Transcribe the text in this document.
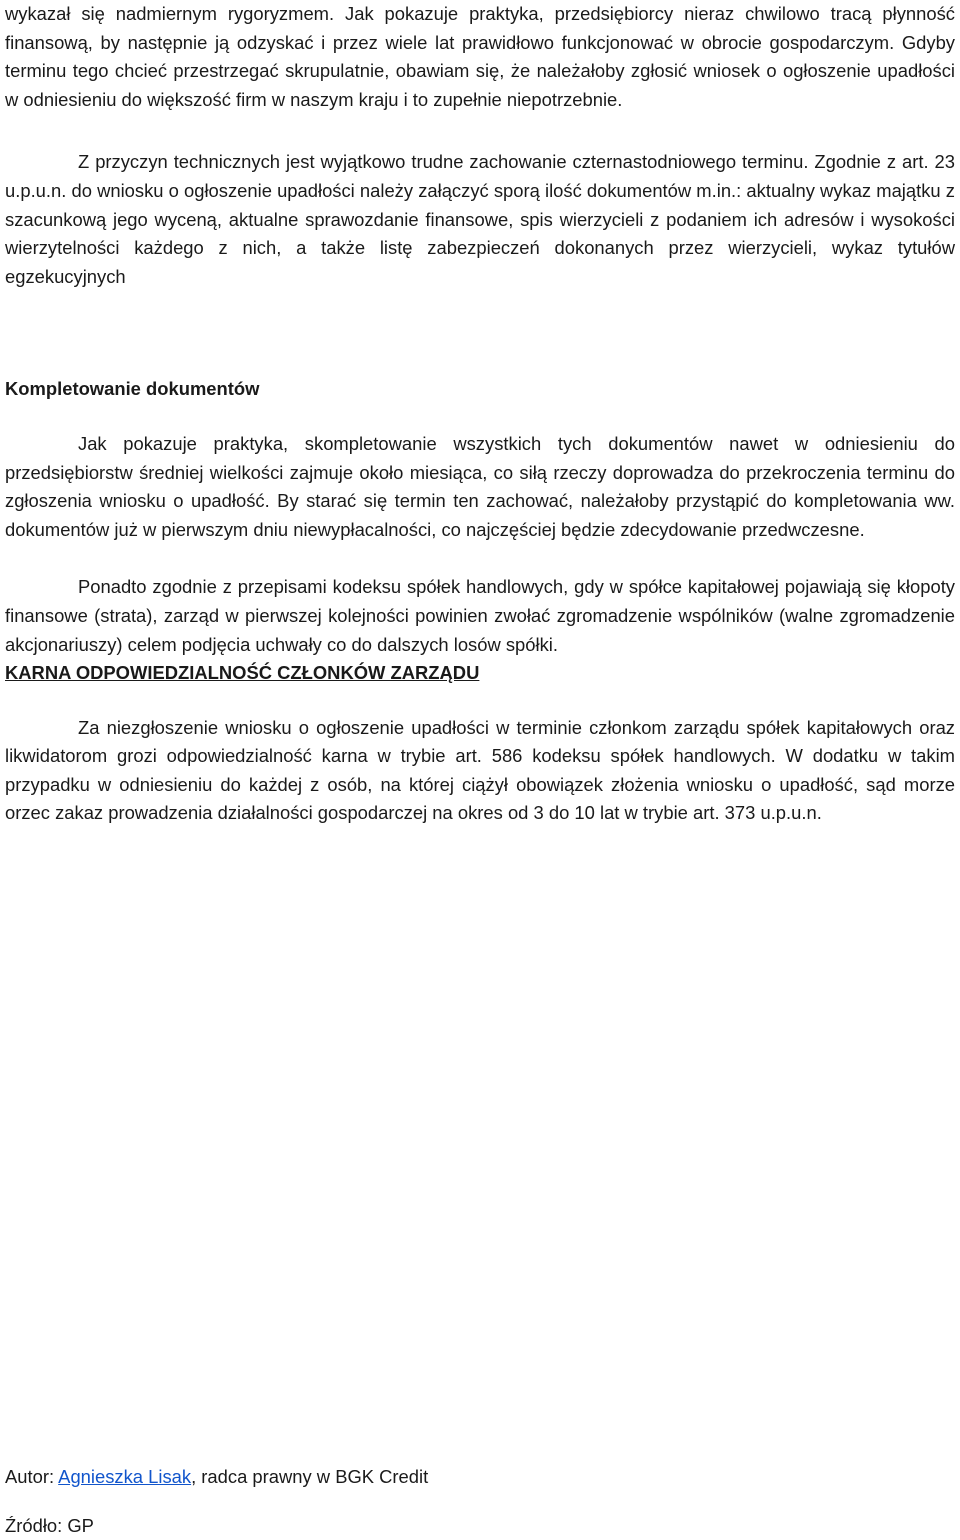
wykazał się nadmiernym rygoryzmem. Jak pokazuje praktyka, przedsiębiorcy nieraz chwilowo tracą płynność finansową, by następnie ją odzyskać i przez wiele lat prawidłowo funkcjonować w obrocie gospodarczym. Gdyby terminu tego chcieć przestrzegać skrupulatnie, obawiam się, że należałoby zgłosić wniosek o ogłoszenie upadłości w odniesieniu do większość firm w naszym kraju i to zupełnie niepotrzebnie.

Z przyczyn technicznych jest wyjątkowo trudne zachowanie czternastodniowego terminu. Zgodnie z art. 23 u.p.u.n. do wniosku o ogłoszenie upadłości należy załączyć sporą ilość dokumentów m.in.: aktualny wykaz majątku z szacunkową jego wyceną, aktualne sprawozdanie finansowe, spis wierzycieli z podaniem ich adresów i wysokości wierzytelności każdego z nich, a także listę zabezpieczeń dokonanych przez wierzycieli, wykaz tytułów egzekucyjnych

Kompletowanie dokumentów

Jak pokazuje praktyka, skompletowanie wszystkich tych dokumentów nawet w odniesieniu do przedsiębiorstw średniej wielkości zajmuje około miesiąca, co siłą rzeczy doprowadza do przekroczenia terminu do zgłoszenia wniosku o upadłość. By starać się termin ten zachować, należałoby przystąpić do kompletowania ww. dokumentów już w pierwszym dniu niewypłacalności, co najczęściej będzie zdecydowanie przedwczesne.

Ponadto zgodnie z przepisami kodeksu spółek handlowych, gdy w spółce kapitałowej pojawiają się kłopoty finansowe (strata), zarząd w pierwszej kolejności powinien zwołać zgromadzenie wspólników (walne zgromadzenie akcjonariuszy) celem podjęcia uchwały co do dalszych losów spółki.

KARNA ODPOWIEDZIALNOŚĆ CZŁONKÓW ZARZĄDU

Za niezgłoszenie wniosku o ogłoszenie upadłości w terminie członkom zarządu spółek kapitałowych oraz likwidatorom grozi odpowiedzialność karna w trybie art. 586 kodeksu spółek handlowych. W dodatku w takim przypadku w odniesieniu do każdej z osób, na której ciążył obowiązek złożenia wniosku o upadłość, sąd morze orzec zakaz prowadzenia działalności gospodarczej na okres od 3 do 10 lat w trybie art. 373 u.p.u.n.

Autor: Agnieszka Lisak, radca prawny w BGK Credit
Źródło: GP
